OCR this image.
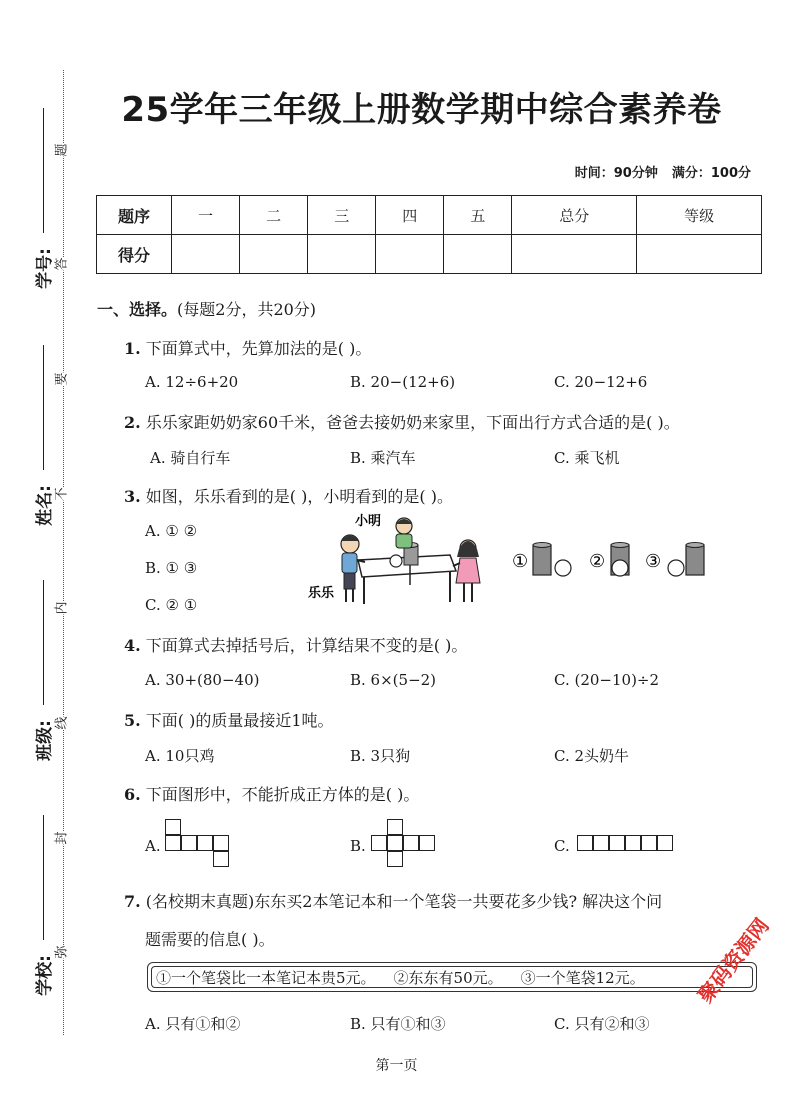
学号:
姓名:
班级:
学校:
题
答
要
不
内
线
封
弥
25学年三年级上册数学期中综合素养卷
时间：90分钟 满分：100分
题序	一	二	三	四	五	总分	等级
得分							
一、选择。(每题2分，共20分)
1. 下面算式中，先算加法的是( )。
A. 12÷6+20	B. 20−(12+6)	C. 20−12+6
2. 乐乐家距奶奶家60千米，爸爸去接奶奶来家里，下面出行方式合适的是( )。
A. 骑自行车	B. 乘汽车	C. 乘飞机
3. 如图，乐乐看到的是( )，小明看到的是( )。
A. ① ②
B. ① ③
C. ② ①
小明
乐乐
①	② ③
4. 下面算式去掉括号后，计算结果不变的是( )。
A. 30+(80−40)	B. 6×(5−2)	C. (20−10)÷2
5. 下面( )的质量最接近1吨。
A. 10只鸡	B. 3只狗	C. 2头奶牛
6. 下面图形中，不能折成正方体的是( )。
A.	B.	C.
7. (名校期末真题)东东买2本笔记本和一个笔袋一共要花多少钱? 解决这个问
题需要的信息( )。
①一个笔袋比一本笔记本贵5元。 ②东东有50元。 ③一个笔袋12元。
A. 只有①和②	B. 只有①和③	C. 只有②和③
聚码资源网
第一页
